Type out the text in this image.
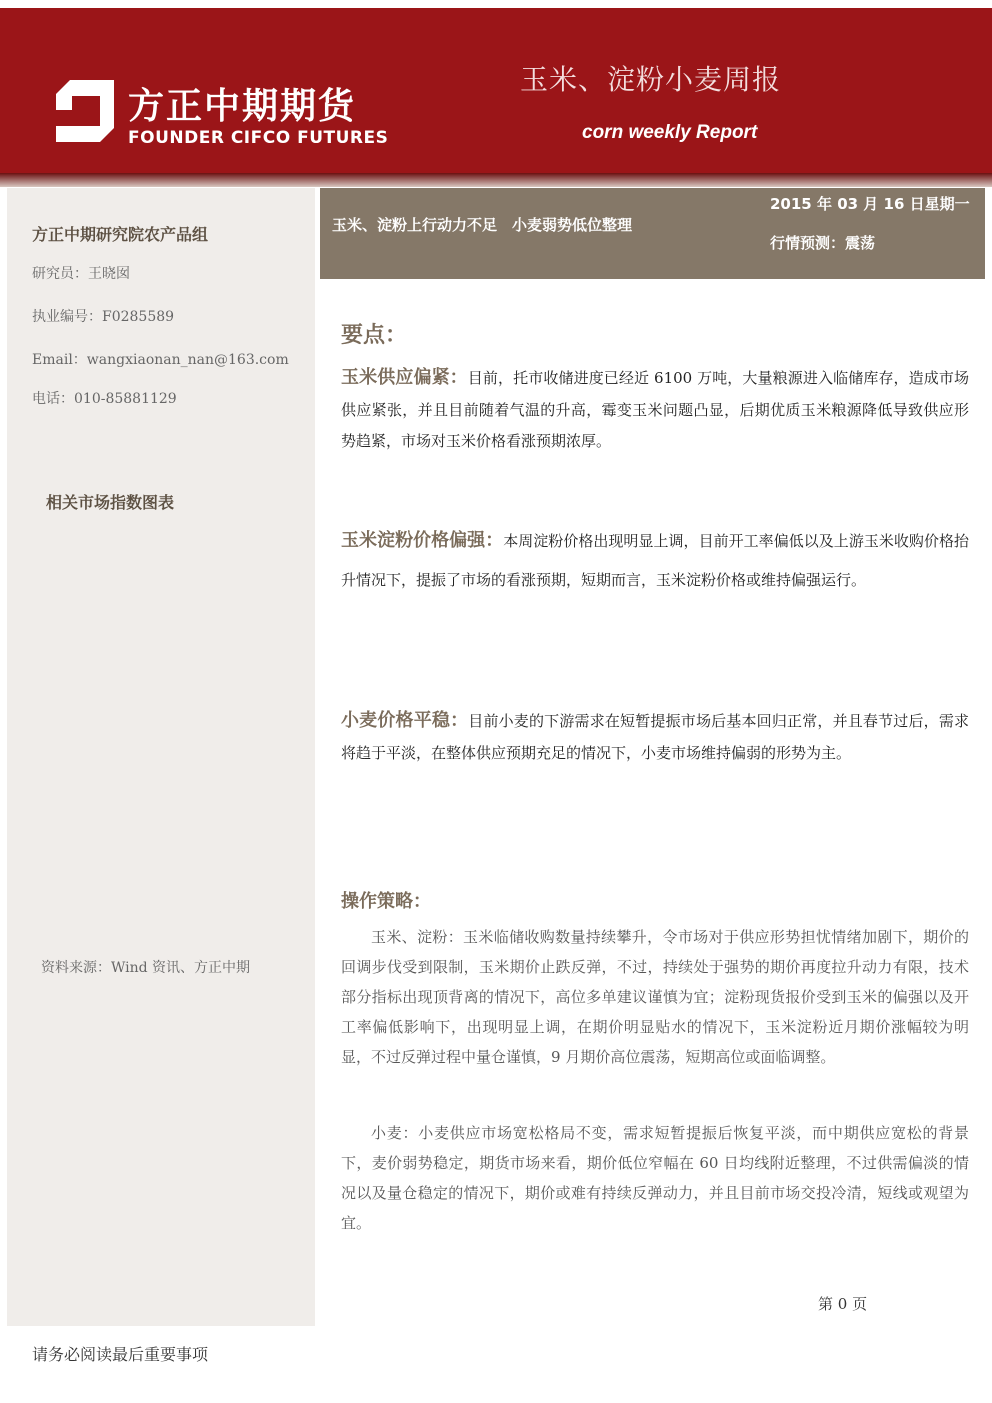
方正中期期货
FOUNDER CIFCO FUTURES
玉米、淀粉小麦周报
corn weekly Report
方正中期研究院农产品组
研究员：王晓囡
执业编号：F0285589
Email：wangxiaonan_nan@163.com
电话：010-85881129
相关市场指数图表
资料来源：Wind 资讯、方正中期
玉米、淀粉上行动力不足　小麦弱势低位整理
2015 年 03 月 16 日星期一
行情预测：震荡
要点：

玉米供应偏紧：目前，托市收储进度已经近 6100 万吨，大量粮源进入临储库存，造成市场供应紧张，并且目前随着气温的升高，霉变玉米问题凸显，后期优质玉米粮源降低导致供应形势趋紧，市场对玉米价格看涨预期浓厚。

玉米淀粉价格偏强：本周淀粉价格出现明显上调，目前开工率偏低以及上游玉米收购价格抬升情况下，提振了市场的看涨预期，短期而言，玉米淀粉价格或维持偏强运行。

小麦价格平稳：目前小麦的下游需求在短暂提振市场后基本回归正常，并且春节过后，需求将趋于平淡，在整体供应预期充足的情况下，小麦市场维持偏弱的形势为主。

操作策略：

玉米、淀粉：玉米临储收购数量持续攀升，令市场对于供应形势担忧情绪加剧下，期价的回调步伐受到限制，玉米期价止跌反弹，不过，持续处于强势的期价再度拉升动力有限，技术部分指标出现顶背离的情况下，高位多单建议谨慎为宜；淀粉现货报价受到玉米的偏强以及开工率偏低影响下，出现明显上调，在期价明显贴水的情况下，玉米淀粉近月期价涨幅较为明显，不过反弹过程中量仓谨慎，9 月期价高位震荡，短期高位或面临调整。

小麦：小麦供应市场宽松格局不变，需求短暂提振后恢复平淡，而中期供应宽松的背景下，麦价弱势稳定，期货市场来看，期价低位窄幅在 60 日均线附近整理，不过供需偏淡的情况以及量仓稳定的情况下，期价或难有持续反弹动力，并且目前市场交投冷清，短线或观望为宜。

第 0 页
请务必阅读最后重要事项
